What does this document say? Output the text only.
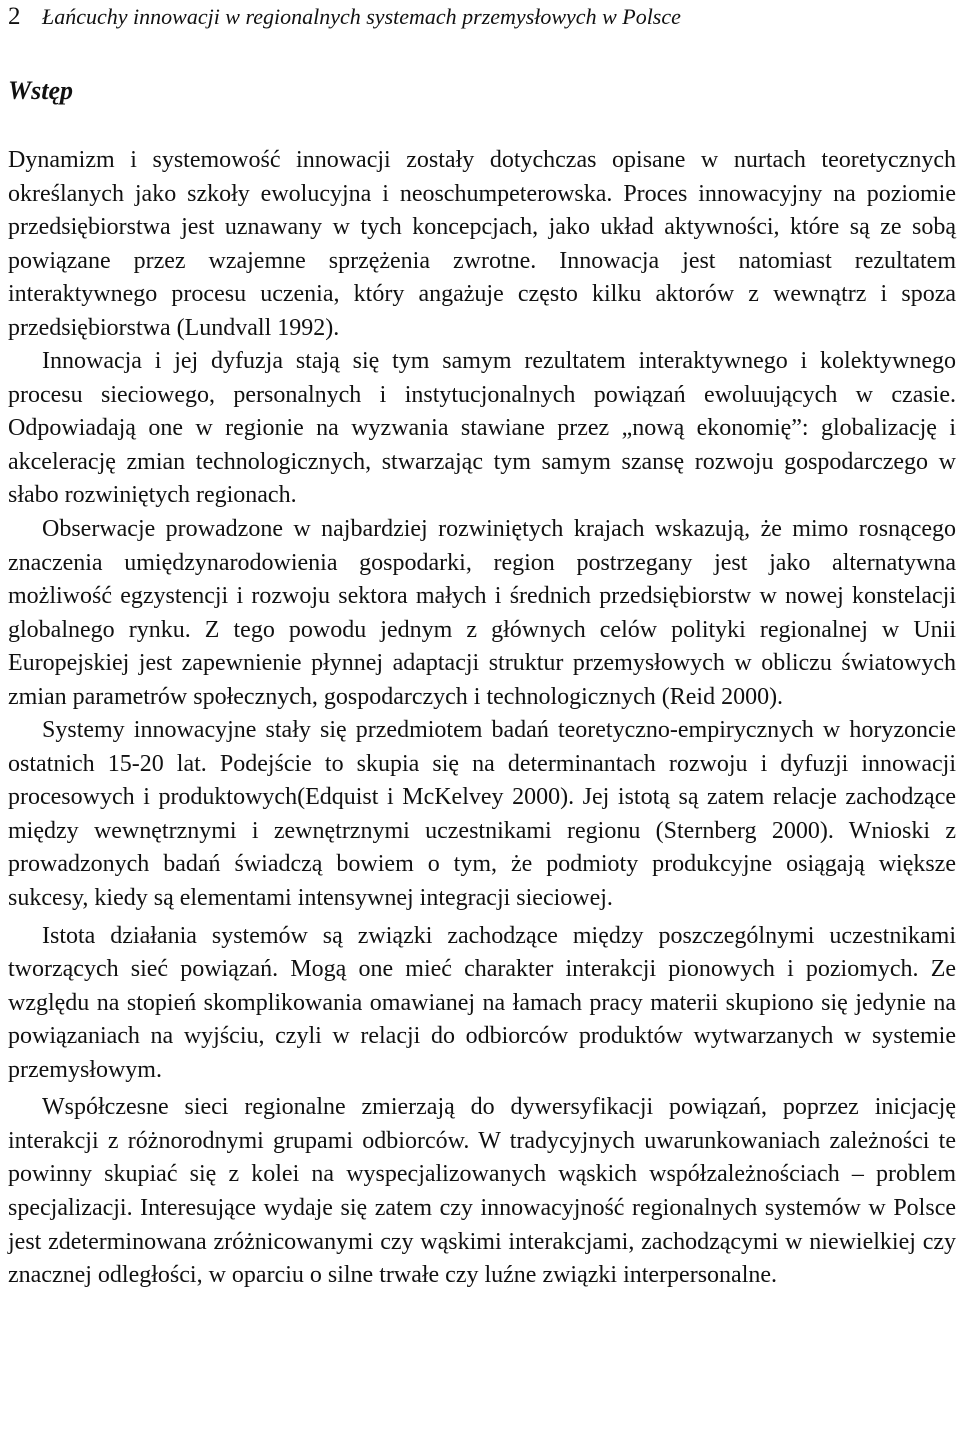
2 Łańcuchy innowacji w regionalnych systemach przemysłowych w Polsce
Wstęp

Dynamizm i systemowość innowacji zostały dotychczas opisane w nurtach teoretycznych określanych jako szkoły ewolucyjna i neoschumpeterowska. Proces innowacyjny na poziomie przedsiębiorstwa jest uznawany w tych koncepcjach, jako układ aktywności, które są ze sobą powiązane przez wzajemne sprzężenia zwrotne. Innowacja jest natomiast rezultatem interaktywnego procesu uczenia, który angażuje często kilku aktorów z wewnątrz i spoza przedsiębiorstwa (Lundvall 1992).

Innowacja i jej dyfuzja stają się tym samym rezultatem interaktywnego i kolektywnego procesu sieciowego, personalnych i instytucjonalnych powiązań ewoluujących w czasie. Odpowiadają one w regionie na wyzwania stawiane przez „nową ekonomię”: globalizację i akcelerację zmian technologicznych, stwarzając tym samym szansę rozwoju gospodarczego w słabo rozwiniętych regionach.

Obserwacje prowadzone w najbardziej rozwiniętych krajach wskazują, że mimo rosnącego znaczenia umiędzynarodowienia gospodarki, region postrzegany jest jako alternatywna możliwość egzystencji i rozwoju sektora małych i średnich przedsiębiorstw w nowej konstelacji globalnego rynku. Z tego powodu jednym z głównych celów polityki regionalnej w Unii Europejskiej jest zapewnienie płynnej adaptacji struktur przemysłowych w obliczu światowych zmian parametrów społecznych, gospodarczych i technologicznych (Reid 2000).

Systemy innowacyjne stały się przedmiotem badań teoretyczno-empirycznych w horyzoncie ostatnich 15-20 lat. Podejście to skupia się na determinantach rozwoju i dyfuzji innowacji procesowych i produktowych(Edquist i McKelvey 2000). Jej istotą są zatem relacje zachodzące między wewnętrznymi i zewnętrznymi uczestnikami regionu (Sternberg 2000). Wnioski z prowadzonych badań świadczą bowiem o tym, że podmioty produkcyjne osiągają większe sukcesy, kiedy są elementami intensywnej integracji sieciowej.

Istota działania systemów są związki zachodzące między poszczególnymi uczestnikami tworzących sieć powiązań. Mogą one mieć charakter interakcji pionowych i poziomych. Ze względu na stopień skomplikowania omawianej na łamach pracy materii skupiono się jedynie na powiązaniach na wyjściu, czyli w relacji do odbiorców produktów wytwarzanych w systemie przemysłowym.

Współczesne sieci regionalne zmierzają do dywersyfikacji powiązań, poprzez inicjację interakcji z różnorodnymi grupami odbiorców. W tradycyjnych uwarunkowaniach zależności te powinny skupiać się z kolei na wyspecjalizowanych wąskich współzależnościach – problem specjalizacji. Interesujące wydaje się zatem czy innowacyjność regionalnych systemów w Polsce jest zdeterminowana zróżnicowanymi czy wąskimi interakcjami, zachodzącymi w niewielkiej czy znacznej odległości, w oparciu o silne trwałe czy luźne związki interpersonalne.
